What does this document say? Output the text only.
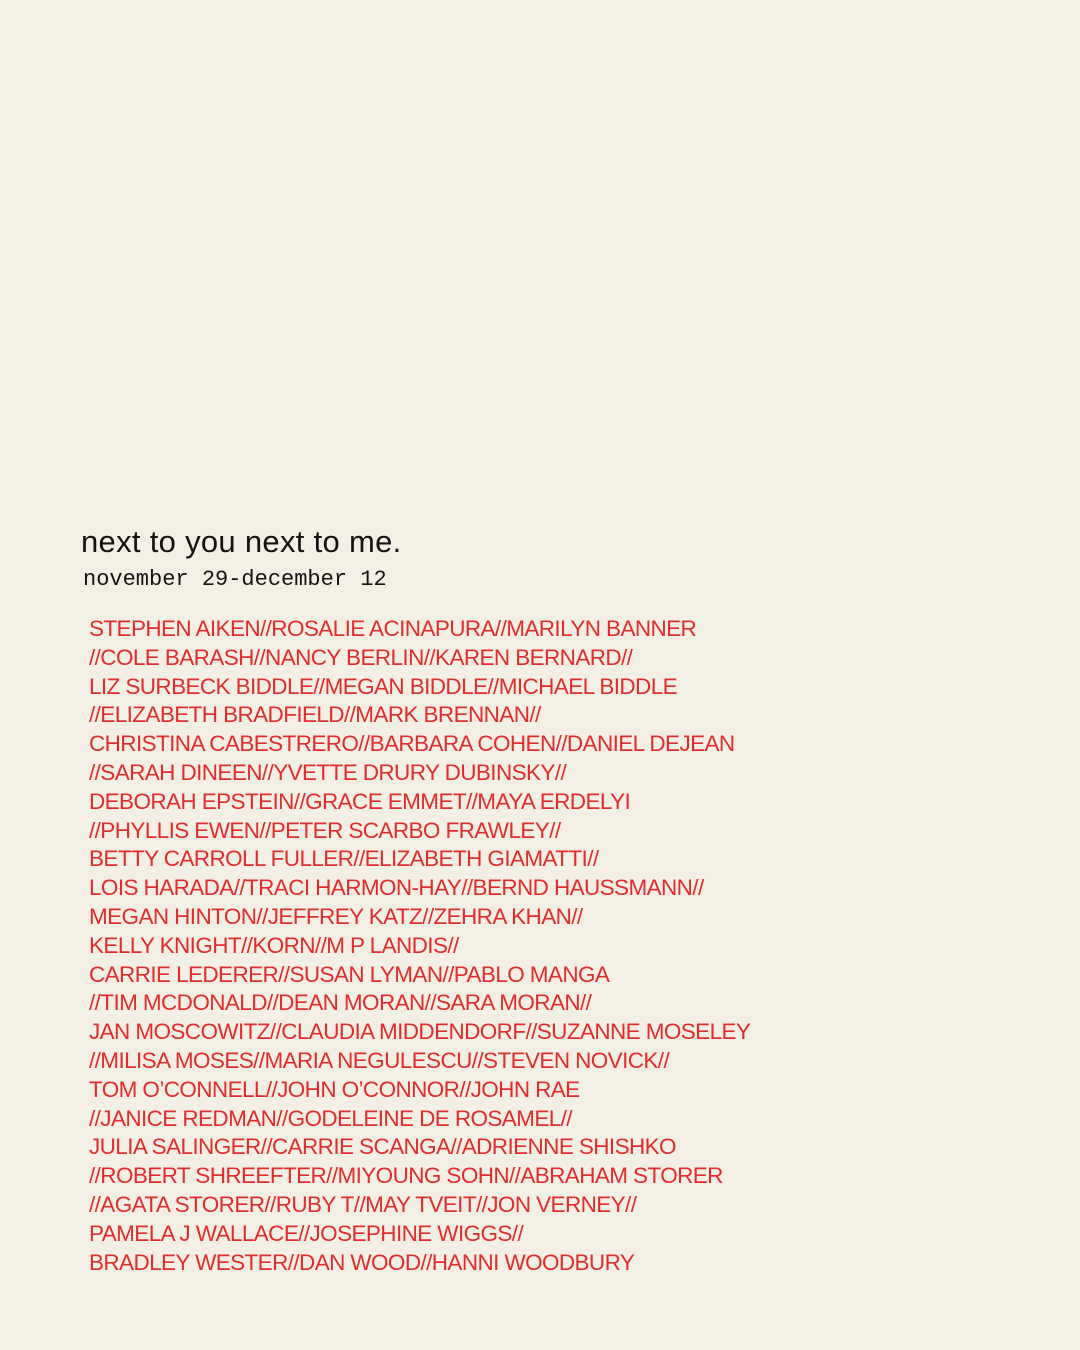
next to you next to me.
november 29-december 12
STEPHEN AIKEN//ROSALIE ACINAPURA//MARILYN BANNER
//COLE BARASH//NANCY BERLIN//KAREN BERNARD//
LIZ SURBECK BIDDLE//MEGAN BIDDLE//MICHAEL BIDDLE
//ELIZABETH BRADFIELD//MARK BRENNAN//
CHRISTINA CABESTRERO//BARBARA COHEN//DANIEL DEJEAN
//SARAH DINEEN//YVETTE DRURY DUBINSKY//
DEBORAH EPSTEIN//GRACE EMMET//MAYA ERDELYI
//PHYLLIS EWEN//PETER SCARBO FRAWLEY//
BETTY CARROLL FULLER//ELIZABETH GIAMATTI//
LOIS HARADA//TRACI HARMON-HAY//BERND HAUSSMANN//
MEGAN HINTON//JEFFREY KATZ//ZEHRA KHAN//
KELLY KNIGHT//KORN//M P LANDIS//
CARRIE LEDERER//SUSAN LYMAN//PABLO MANGA
//TIM MCDONALD//DEAN MORAN//SARA MORAN//
JAN MOSCOWITZ//CLAUDIA MIDDENDORF//SUZANNE MOSELEY
//MILISA MOSES//MARIA NEGULESCU//STEVEN NOVICK//
TOM O’CONNELL//JOHN O’CONNOR//JOHN RAE
//JANICE REDMAN//GODELEINE DE ROSAMEL//
JULIA SALINGER//CARRIE SCANGA//ADRIENNE SHISHKO
//ROBERT SHREEFTER//MIYOUNG SOHN//ABRAHAM STORER
//AGATA STORER//RUBY T//MAY TVEIT//JON VERNEY//
PAMELA J WALLACE//JOSEPHINE WIGGS//
BRADLEY WESTER//DAN WOOD//HANNI WOODBURY
